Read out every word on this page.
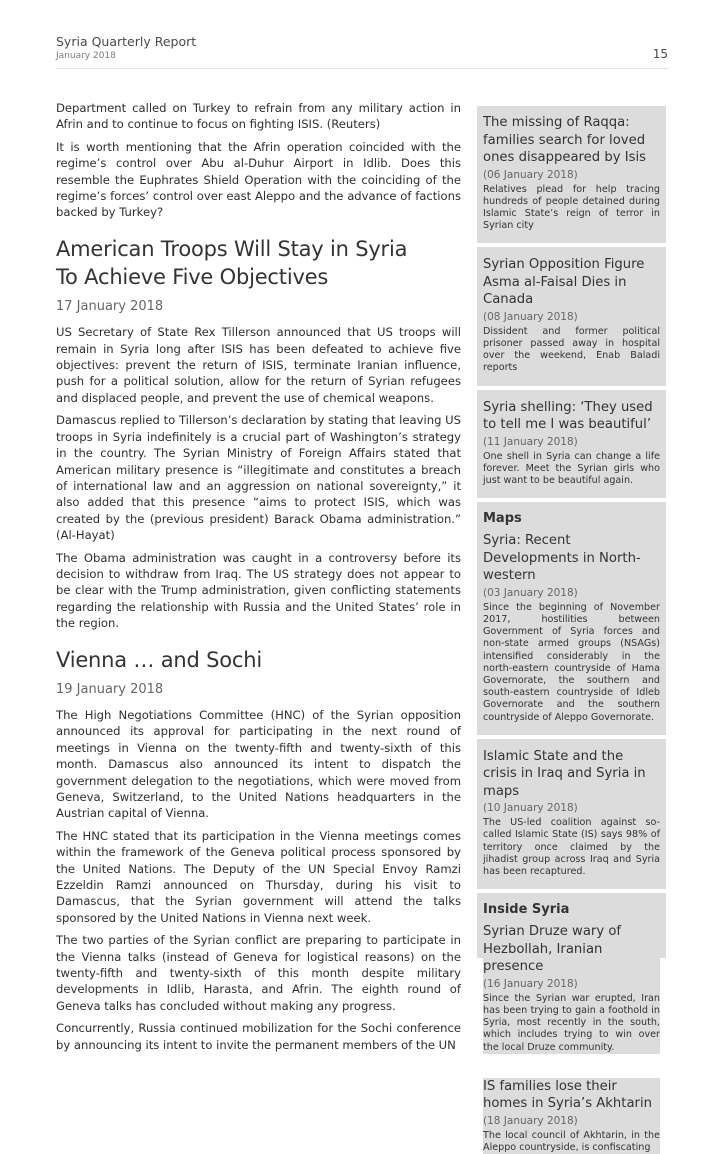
Syria Quarterly Report
January 2018	15

Department called on Turkey to refrain from any military action in Afrin and to continue to focus on fighting ISIS. (Reuters)

It is worth mentioning that the Afrin operation coincided with the regime’s control over Abu al-Duhur Airport in Idlib. Does this resemble the Euphrates Shield Operation with the coinciding of the regime’s forces’ control over east Aleppo and the advance of factions backed by Turkey?

American Troops Will Stay in Syria
To Achieve Five Objectives
17 January 2018

US Secretary of State Rex Tillerson announced that US troops will remain in Syria long after ISIS has been defeated to achieve five objectives: prevent the return of ISIS, terminate Iranian influence, push for a political solution, allow for the return of Syrian refugees and displaced people, and prevent the use of chemical weapons.

Damascus replied to Tillerson’s declaration by stating that leaving US troops in Syria indefinitely is a crucial part of Washington’s strategy in the country. The Syrian Ministry of Foreign Affairs stated that American military presence is “illegitimate and constitutes a breach of international law and an aggression on national sovereignty,” it also added that this presence “aims to protect ISIS, which was created by the (previous president) Barack Obama administration.” (Al-Hayat)

The Obama administration was caught in a controversy before its decision to withdraw from Iraq. The US strategy does not appear to be clear with the Trump administration, given conflicting statements regarding the relationship with Russia and the United States’ role in the region.

Vienna … and Sochi
19 January 2018

The High Negotiations Committee (HNC) of the Syrian opposition announced its approval for participating in the next round of meetings in Vienna on the twenty-fifth and twenty-sixth of this month. Damascus also announced its intent to dispatch the government delegation to the negotiations, which were moved from Geneva, Switzerland, to the United Nations headquarters in the Austrian capital of Vienna.

The HNC stated that its participation in the Vienna meetings comes within the framework of the Geneva political process sponsored by the United Nations. The Deputy of the UN Special Envoy Ramzi Ezzeldin Ramzi announced on Thursday, during his visit to Damascus, that the Syrian government will attend the talks sponsored by the United Nations in Vienna next week.

The two parties of the Syrian conflict are preparing to participate in the Vienna talks (instead of Geneva for logistical reasons) on the twenty-fifth and twenty-sixth of this month despite military developments in Idlib, Harasta, and Afrin. The eighth round of Geneva talks has concluded without making any progress.

Concurrently, Russia continued mobilization for the Sochi conference by announcing its intent to invite the permanent members of the UN

The missing of Raqqa: families search for loved ones disappeared by Isis
(06 January 2018)
Relatives plead for help tracing hundreds of people detained during Islamic State’s reign of terror in Syrian city
Syrian Opposition Figure Asma al-Faisal Dies in Canada
(08 January 2018)
Dissident and former political prisoner passed away in hospital over the weekend, Enab Baladi reports
Syria shelling: ‘They used to tell me I was beautiful’
(11 January 2018)
One shell in Syria can change a life forever. Meet the Syrian girls who just want to be beautiful again.
Maps
Syria: Recent Developments in North-western
(03 January 2018)
Since the beginning of November 2017, hostilities between Government of Syria forces and non-state armed groups (NSAGs) intensified considerably in the north-eastern countryside of Hama Governorate, the southern and south-eastern countryside of Idleb Governorate and the southern countryside of Aleppo Governorate.
Islamic State and the crisis in Iraq and Syria in maps
(10 January 2018)
The US-led coalition against so-called Islamic State (IS) says 98% of territory once claimed by the jihadist group across Iraq and Syria has been recaptured.
Inside Syria
Syrian Druze wary of Hezbollah, Iranian presence
(16 January 2018)
Since the Syrian war erupted, Iran has been trying to gain a foothold in Syria, most recently in the south, which includes trying to win over the local Druze community.
IS families lose their homes in Syria’s Akhtarin
(18 January 2018)
The local council of Akhtarin, in the Aleppo countryside, is confiscating
